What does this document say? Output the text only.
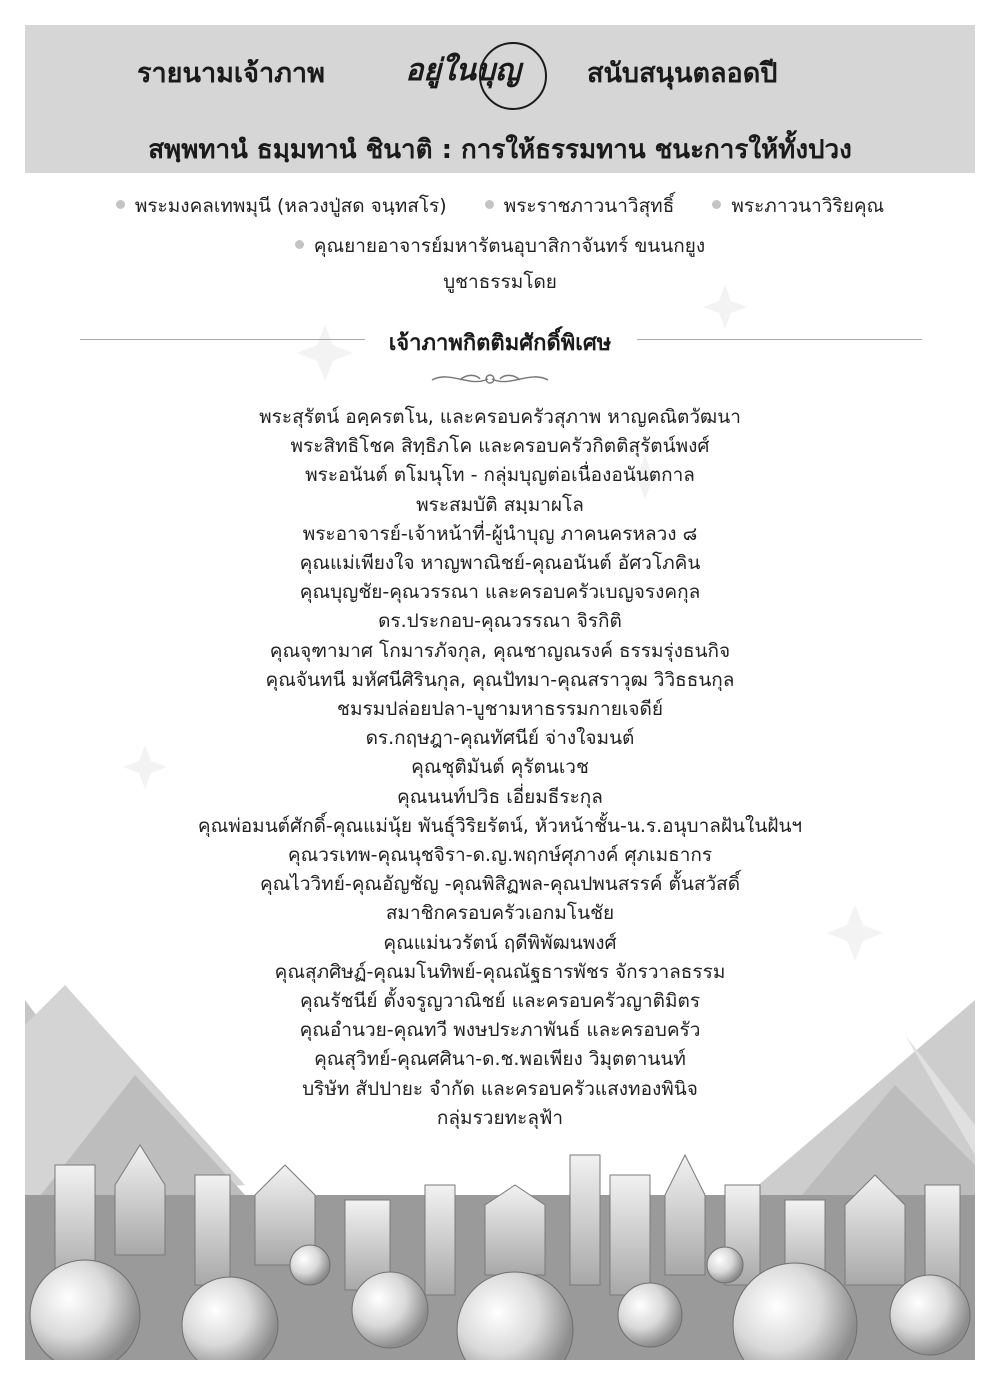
รายนามเจ้าภาพ	อยู่ในบุญ	สนับสนุนตลอดปี
สพฺพทานํ ธมฺมทานํ ชินาติ : การให้ธรรมทาน ชนะการให้ทั้งปวง
พระมงคลเทพมุนี (หลวงปู่สด จนฺทสโร)	พระราชภาวนาวิสุทธิ์	พระภาวนาวิริยคุณ
คุณยายอาจารย์มหารัตนอุบาสิกาจันทร์ ขนนกยูง
บูชาธรรมโดย
เจ้าภาพกิตติมศักดิ์พิเศษ
พระสุรัตน์ อคฺครตโน, และครอบครัวสุภาพ หาญคณิตวัฒนา
พระสิทธิโชค สิทฺธิภโค และครอบครัวกิตติสุรัตน์พงศ์
พระอนันต์ ตโมนุโท - กลุ่มบุญต่อเนื่องอนันตกาล
พระสมบัติ สมฺมาผโล
พระอาจารย์-เจ้าหน้าที่-ผู้นำบุญ ภาคนครหลวง ๘
คุณแม่เพียงใจ หาญพาณิชย์-คุณอนันต์ อัศวโภคิน
คุณบุญชัย-คุณวรรณา และครอบครัวเบญจรงคกุล
ดร.ประกอบ-คุณวรรณา จิรกิติ
คุณจุฑามาศ โกมารภัจกุล, คุณชาญณรงค์ ธรรมรุ่งธนกิจ
คุณจันทนี มหัศนีศิรินกุล, คุณปัทมา-คุณสราวุฒ วิวิธธนกุล
ชมรมปล่อยปลา-บูชามหาธรรมกายเจดีย์
ดร.กฤษฎา-คุณทัศนีย์ จ่างใจมนต์
คุณชุติมันต์ คุรัตนเวช
คุณนนท์ปวิธ เอี่ยมธีระกุล
คุณพ่อมนต์ศักดิ์-คุณแม่นุ้ย พันธุ์วิริยรัตน์, หัวหน้าชั้น-น.ร.อนุบาลฝันในฝันฯ
คุณวรเทพ-คุณนุชจิรา-ด.ญ.พฤกษ์ศุภางค์ ศุภเมธากร
คุณไววิทย์-คุณอัญชัญ -คุณพิสิฏพล-คุณปพนสรรค์ ตั้นสวัสดิ์
สมาชิกครอบครัวเอกมโนชัย
คุณแม่นวรัตน์ ฤดีพิพัฒนพงศ์
คุณสุภศิษฏ์-คุณมโนทิพย์-คุณณัฐธารพัชร จักรวาลธรรม
คุณรัชนีย์ ตั้งจรูญวาณิชย์ และครอบครัวญาติมิตร
คุณอำนวย-คุณทวี พงษประภาพันธ์ และครอบครัว
คุณสุวิทย์-คุณศศินา-ด.ช.พอเพียง วิมุตตานนท์
บริษัท สัปปายะ จำกัด และครอบครัวแสงทองพินิจ
กลุ่มรวยทะลุฟ้า
